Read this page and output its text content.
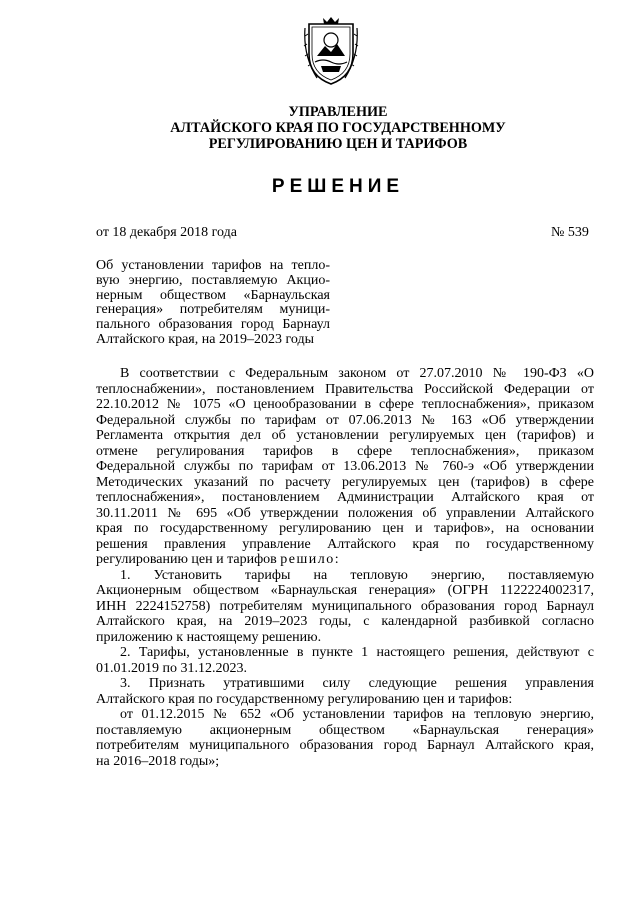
УПРАВЛЕНИЕ
АЛТАЙСКОГО КРАЯ ПО ГОСУДАРСТВЕННОМУ
РЕГУЛИРОВАНИЮ ЦЕН И ТАРИФОВ
РЕШЕНИЕ
от 18 декабря 2018 года	№ 539
Об установлении тарифов на тепло-
вую энергию, поставляемую Акцио-
нерным обществом «Барнаульская
генерация» потребителям муници-
пального образования город Барнаул
Алтайского края, на 2019–2023 годы
В соответствии с Федеральным законом от 27.07.2010 № 190-ФЗ «О
теплоснабжении», постановлением Правительства Российской Федерации от
22.10.2012 № 1075 «О ценообразовании в сфере теплоснабжения», приказом
Федеральной службы по тарифам от 07.06.2013 № 163 «Об утверждении
Регламента открытия дел об установлении регулируемых цен (тарифов) и
отмене регулирования тарифов в сфере теплоснабжения», приказом
Федеральной службы по тарифам от 13.06.2013 № 760-э «Об утверждении
Методических указаний по расчету регулируемых цен (тарифов) в сфере
теплоснабжения», постановлением Администрации Алтайского края от
30.11.2011 № 695 «Об утверждении положения об управлении Алтайского
края по государственному регулированию цен и тарифов», на основании
решения правления управление Алтайского края по государственному
регулированию цен и тарифов решило:
1. Установить тарифы на тепловую энергию, поставляемую
Акционерным обществом «Барнаульская генерация» (ОГРН 1122224002317,
ИНН 2224152758) потребителям муниципального образования город Барнаул
Алтайского края, на 2019–2023 годы, с календарной разбивкой согласно
приложению к настоящему решению.
2. Тарифы, установленные в пункте 1 настоящего решения, действуют с
01.01.2019 по 31.12.2023.
3. Признать утратившими силу следующие решения управления
Алтайского края по государственному регулированию цен и тарифов:
от 01.12.2015 № 652 «Об установлении тарифов на тепловую энергию,
поставляемую акционерным обществом «Барнаульская генерация»
потребителям муниципального образования город Барнаул Алтайского края,
на 2016–2018 годы»;
